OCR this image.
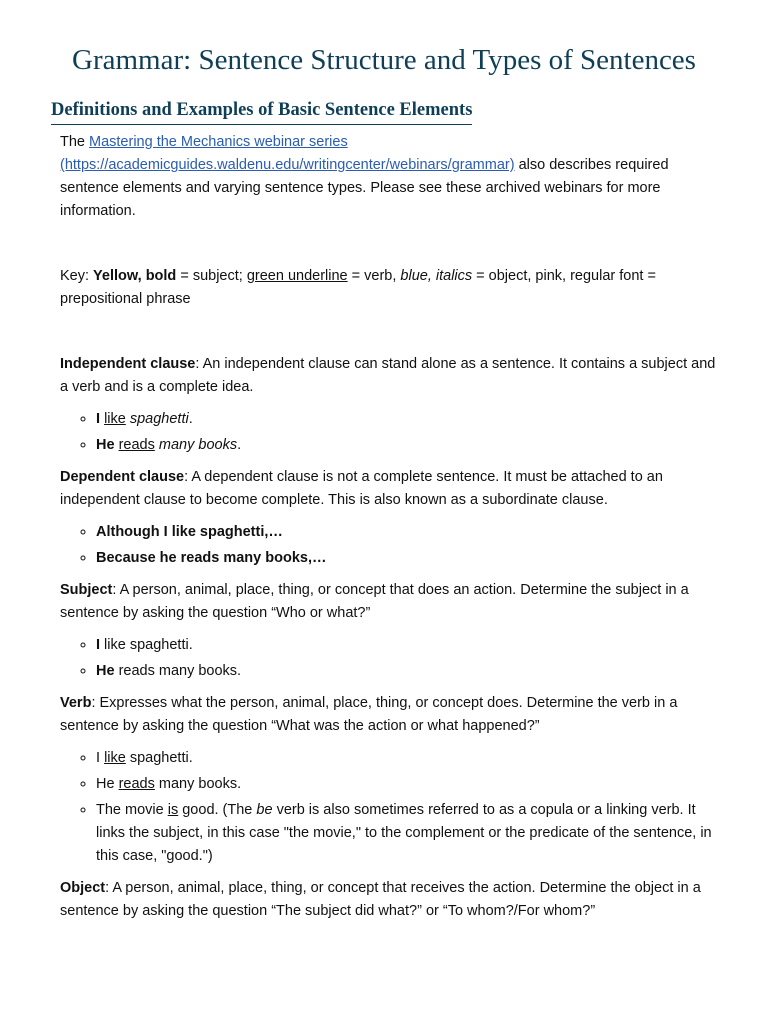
Grammar: Sentence Structure and Types of Sentences
Definitions and Examples of Basic Sentence Elements

The Mastering the Mechanics webinar series
(https://academicguides.waldenu.edu/writingcenter/webinars/grammar) also describes required sentence elements and varying sentence types. Please see these archived webinars for more information.

Key: Yellow, bold = subject; green underline = verb, blue, italics = object, pink, regular font = prepositional phrase

Independent clause: An independent clause can stand alone as a sentence. It contains a subject and a verb and is a complete idea.

◦ I like spaghetti.
◦ He reads many books.

Dependent clause: A dependent clause is not a complete sentence. It must be attached to an independent clause to become complete. This is also known as a subordinate clause.

◦ Although I like spaghetti,…
◦ Because he reads many books,…

Subject: A person, animal, place, thing, or concept that does an action. Determine the subject in a sentence by asking the question “Who or what?”

◦ I like spaghetti.
◦ He reads many books.

Verb: Expresses what the person, animal, place, thing, or concept does. Determine the verb in a sentence by asking the question “What was the action or what happened?”

◦ I like spaghetti.
◦ He reads many books.
◦ The movie is good. (The be verb is also sometimes referred to as a copula or a linking verb. It links the subject, in this case "the movie," to the complement or the predicate of the sentence, in this case, "good.")

Object: A person, animal, place, thing, or concept that receives the action. Determine the object in a sentence by asking the question “The subject did what?” or “To whom?/For whom?”
